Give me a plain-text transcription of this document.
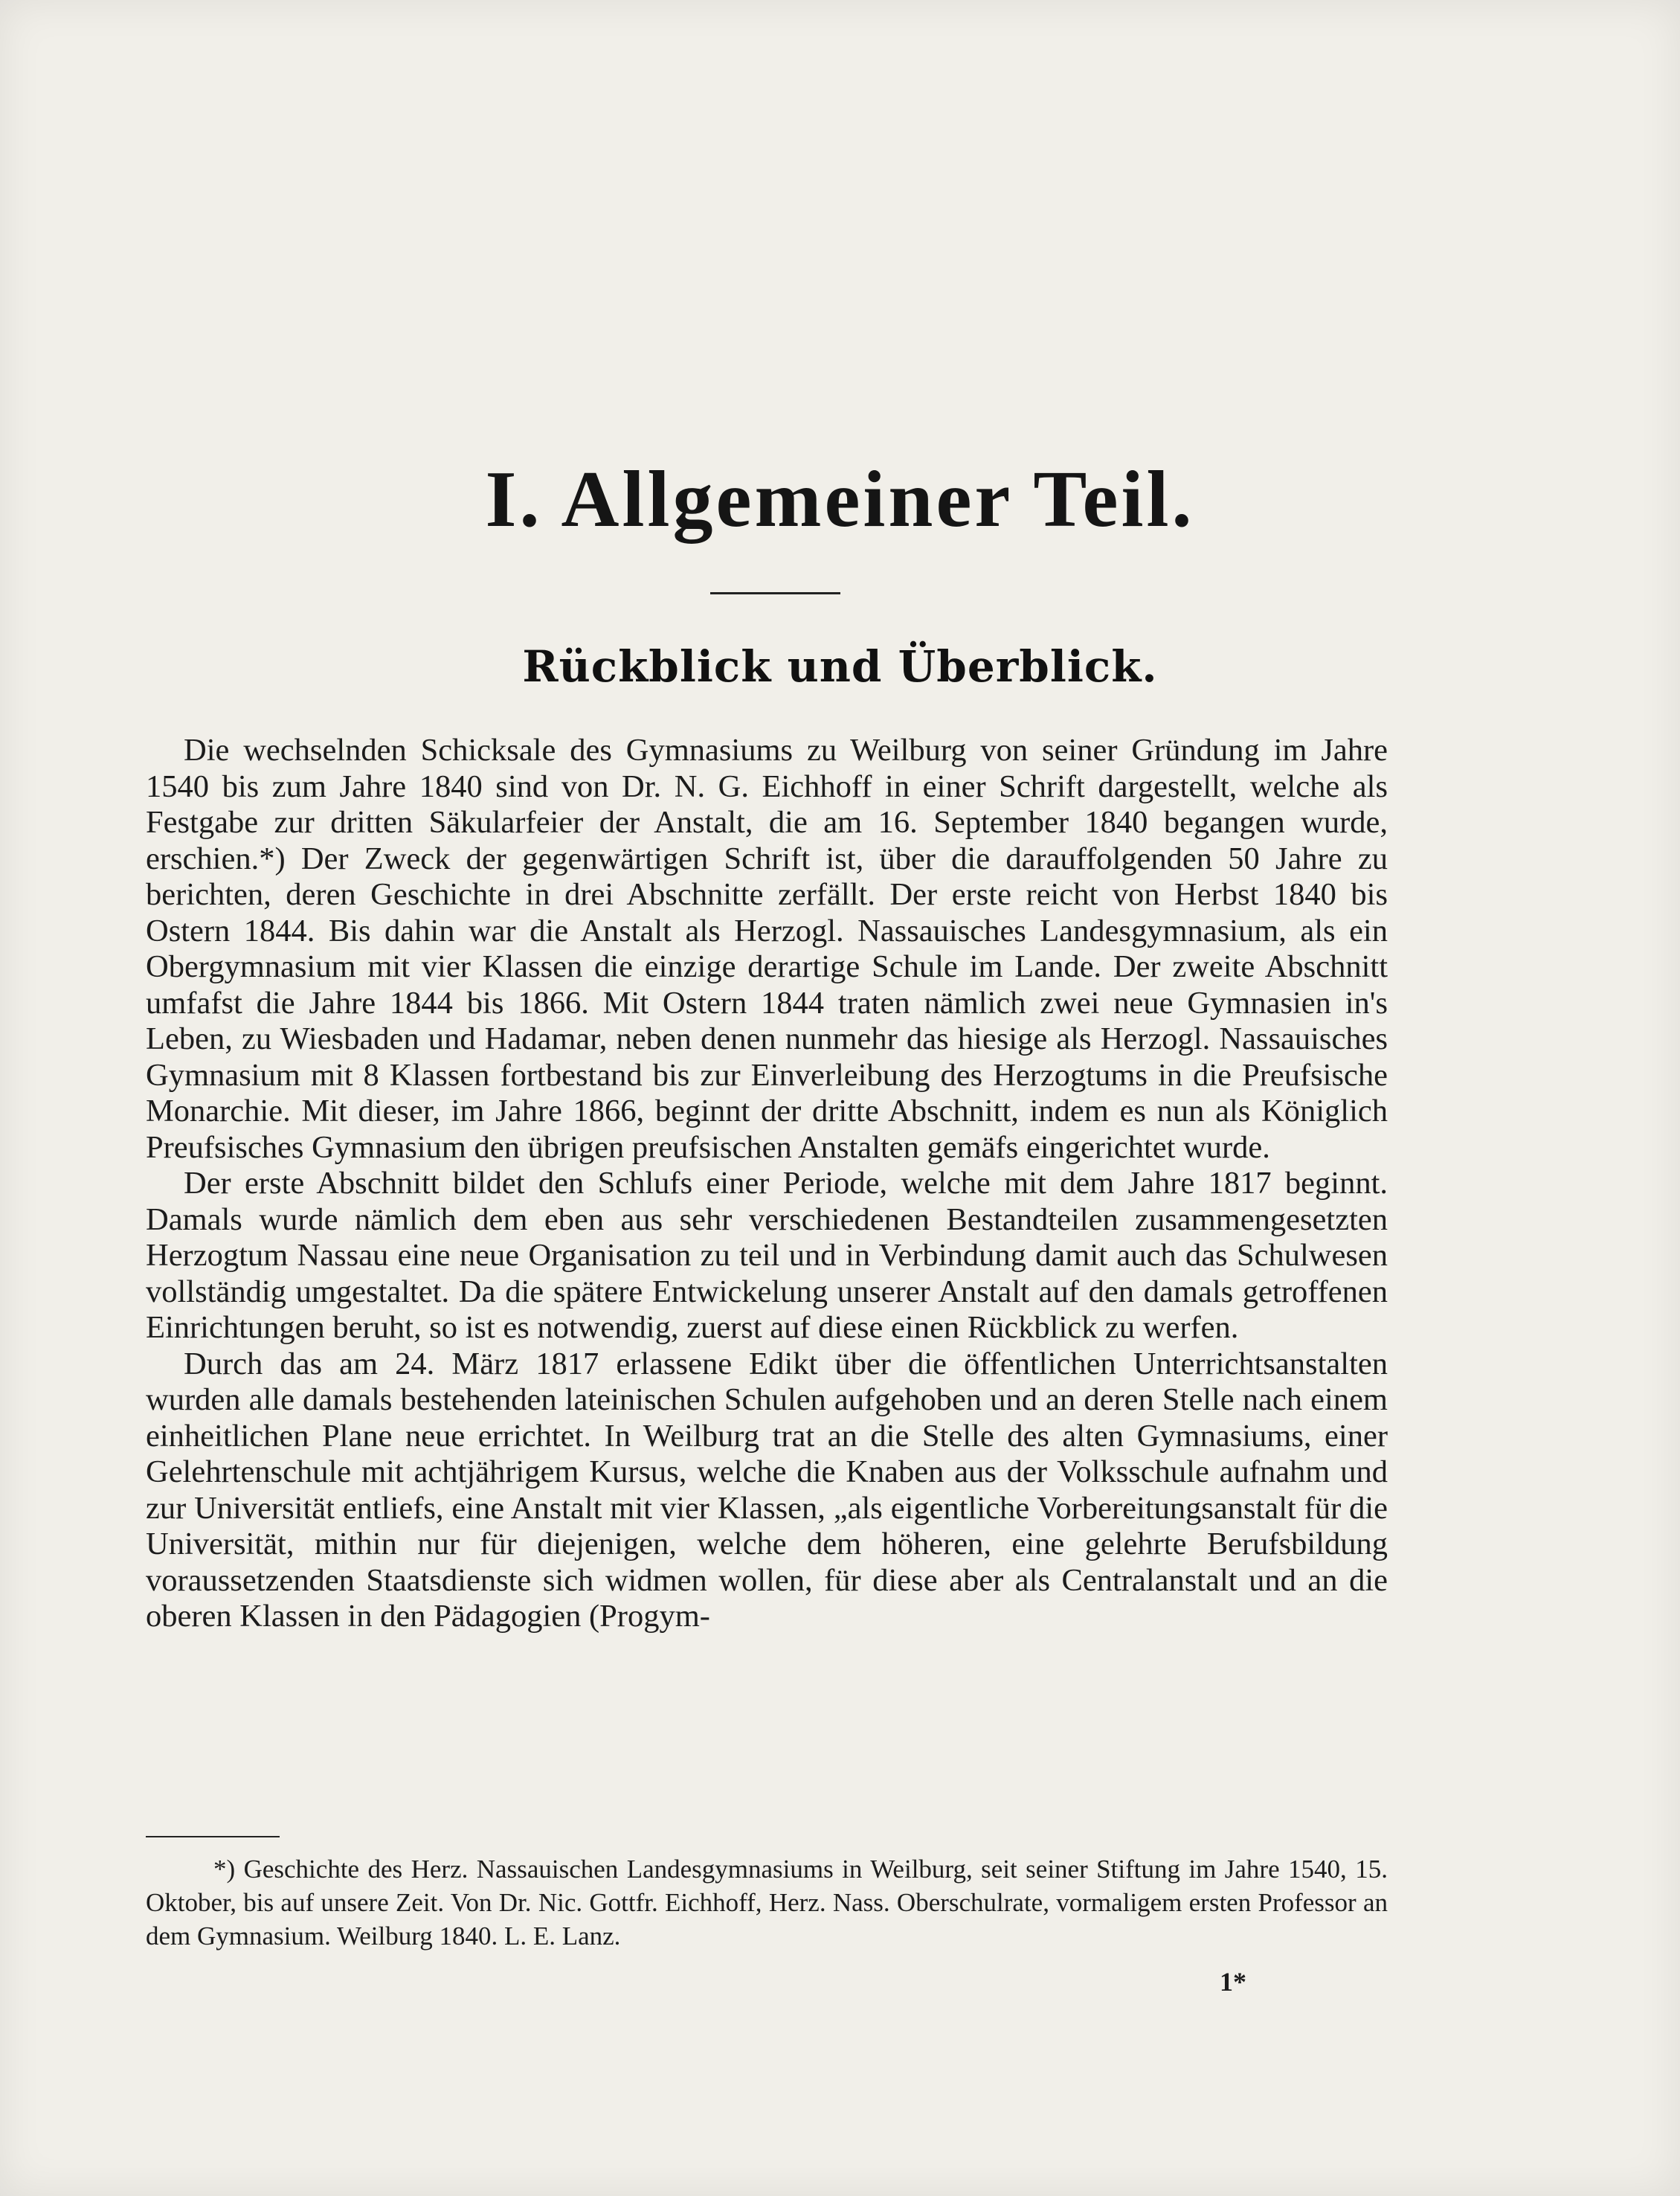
I. Allgemeiner Teil.
Rückblick und Überblick.

Die wechselnden Schicksale des Gymnasiums zu Weilburg von seiner Gründung im Jahre 1540 bis zum Jahre 1840 sind von Dr. N. G. Eichhoff in einer Schrift dargestellt, welche als Festgabe zur dritten Säkularfeier der Anstalt, die am 16. September 1840 begangen wurde, erschien.*) Der Zweck der gegenwärtigen Schrift ist, über die darauffolgenden 50 Jahre zu berichten, deren Geschichte in drei Abschnitte zerfällt. Der erste reicht von Herbst 1840 bis Ostern 1844. Bis dahin war die Anstalt als Herzogl. Nassauisches Landesgymnasium, als ein Obergymnasium mit vier Klassen die einzige derartige Schule im Lande. Der zweite Abschnitt umfafst die Jahre 1844 bis 1866. Mit Ostern 1844 traten nämlich zwei neue Gymnasien in's Leben, zu Wiesbaden und Hadamar, neben denen nunmehr das hiesige als Herzogl. Nassauisches Gymnasium mit 8 Klassen fortbestand bis zur Einverleibung des Herzogtums in die Preufsische Monarchie. Mit dieser, im Jahre 1866, beginnt der dritte Abschnitt, indem es nun als Königlich Preufsisches Gymnasium den übrigen preufsischen Anstalten gemäfs eingerichtet wurde.

Der erste Abschnitt bildet den Schlufs einer Periode, welche mit dem Jahre 1817 beginnt. Damals wurde nämlich dem eben aus sehr verschiedenen Bestandteilen zusammengesetzten Herzogtum Nassau eine neue Organisation zu teil und in Verbindung damit auch das Schulwesen vollständig umgestaltet. Da die spätere Entwickelung unserer Anstalt auf den damals getroffenen Einrichtungen beruht, so ist es notwendig, zuerst auf diese einen Rückblick zu werfen.

Durch das am 24. März 1817 erlassene Edikt über die öffentlichen Unterrichtsanstalten wurden alle damals bestehenden lateinischen Schulen aufgehoben und an deren Stelle nach einem einheitlichen Plane neue errichtet. In Weilburg trat an die Stelle des alten Gymnasiums, einer Gelehrtenschule mit achtjährigem Kursus, welche die Knaben aus der Volksschule aufnahm und zur Universität entliefs, eine Anstalt mit vier Klassen, „als eigentliche Vorbereitungsanstalt für die Universität, mithin nur für diejenigen, welche dem höheren, eine gelehrte Berufsbildung voraussetzenden Staatsdienste sich widmen wollen, für diese aber als Centralanstalt und an die oberen Klassen in den Pädagogien (Progym-

*) Geschichte des Herz. Nassauischen Landesgymnasiums in Weilburg, seit seiner Stiftung im Jahre 1540, 15. Oktober, bis auf unsere Zeit. Von Dr. Nic. Gottfr. Eichhoff, Herz. Nass. Oberschulrate, vormaligem ersten Professor an dem Gymnasium. Weilburg 1840. L. E. Lanz.

1*
